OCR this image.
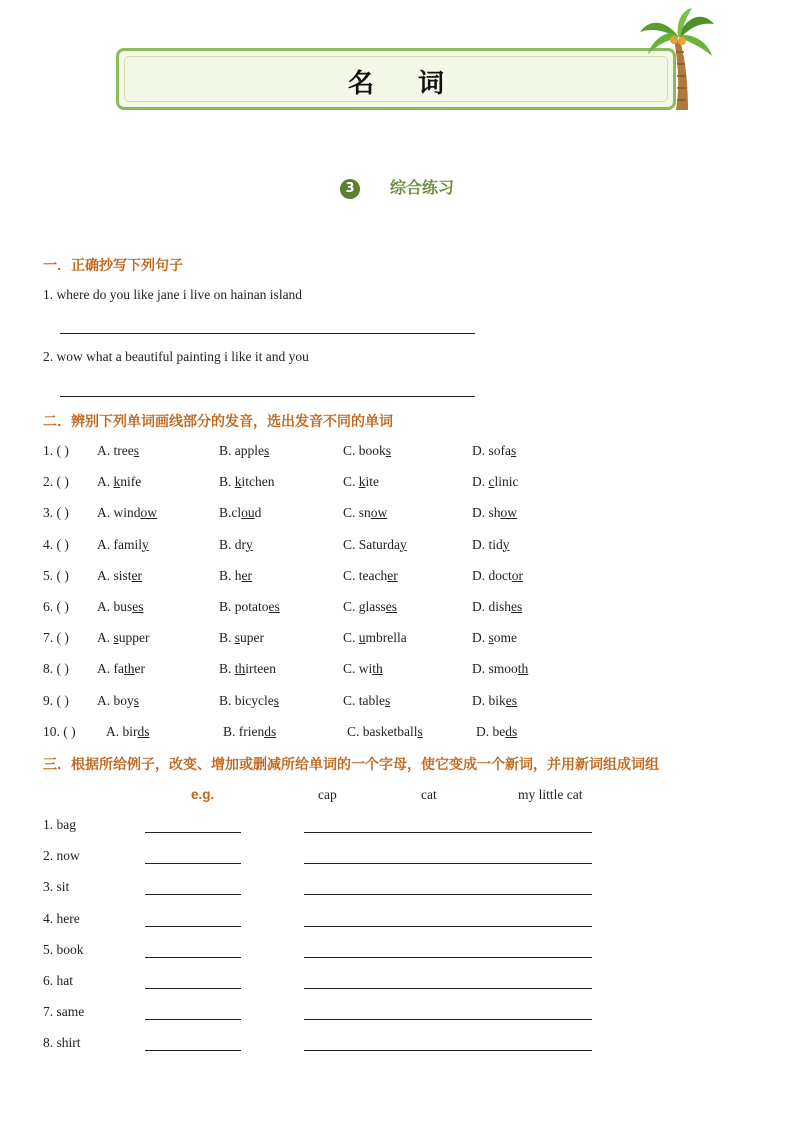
名词
3 综合练习
一．正确抄写下列句子
1. where do you like jane i live on hainan island
2. wow what a beautiful painting i like it and you
二．辨别下列单词画线部分的发音，选出发音不同的单词
1. ( ) A. trees	B. apples	C. books	D. sofas
2. ( ) A. knife	B. kitchen	C. kite	D. clinic
3. ( ) A. window	B.cloud	C. snow	D. show
4. ( ) A. family	B. dry	C. Saturday	D. tidy
5. ( ) A. sister	B. her	C. teacher	D. doctor
6. ( ) A. buses	B. potatoes	C. glasses	D. dishes
7. ( ) A. supper	B. super	C. umbrella	D. some
8. ( ) A. father	B. thirteen	C. with	D. smooth
9. ( ) A. boys	B. bicycles	C. tables	D. bikes
10. ( ) A. birds	B. friends	C. basketballs	D. beds
三．根据所给例子，改变、增加或删减所给单词的一个字母，使它变成一个新词，并用新词组成词组
e.g.	cap	cat	my little cat
1. bag
2. now
3. sit
4. here
5. book
6. hat
7. same
8. shirt
